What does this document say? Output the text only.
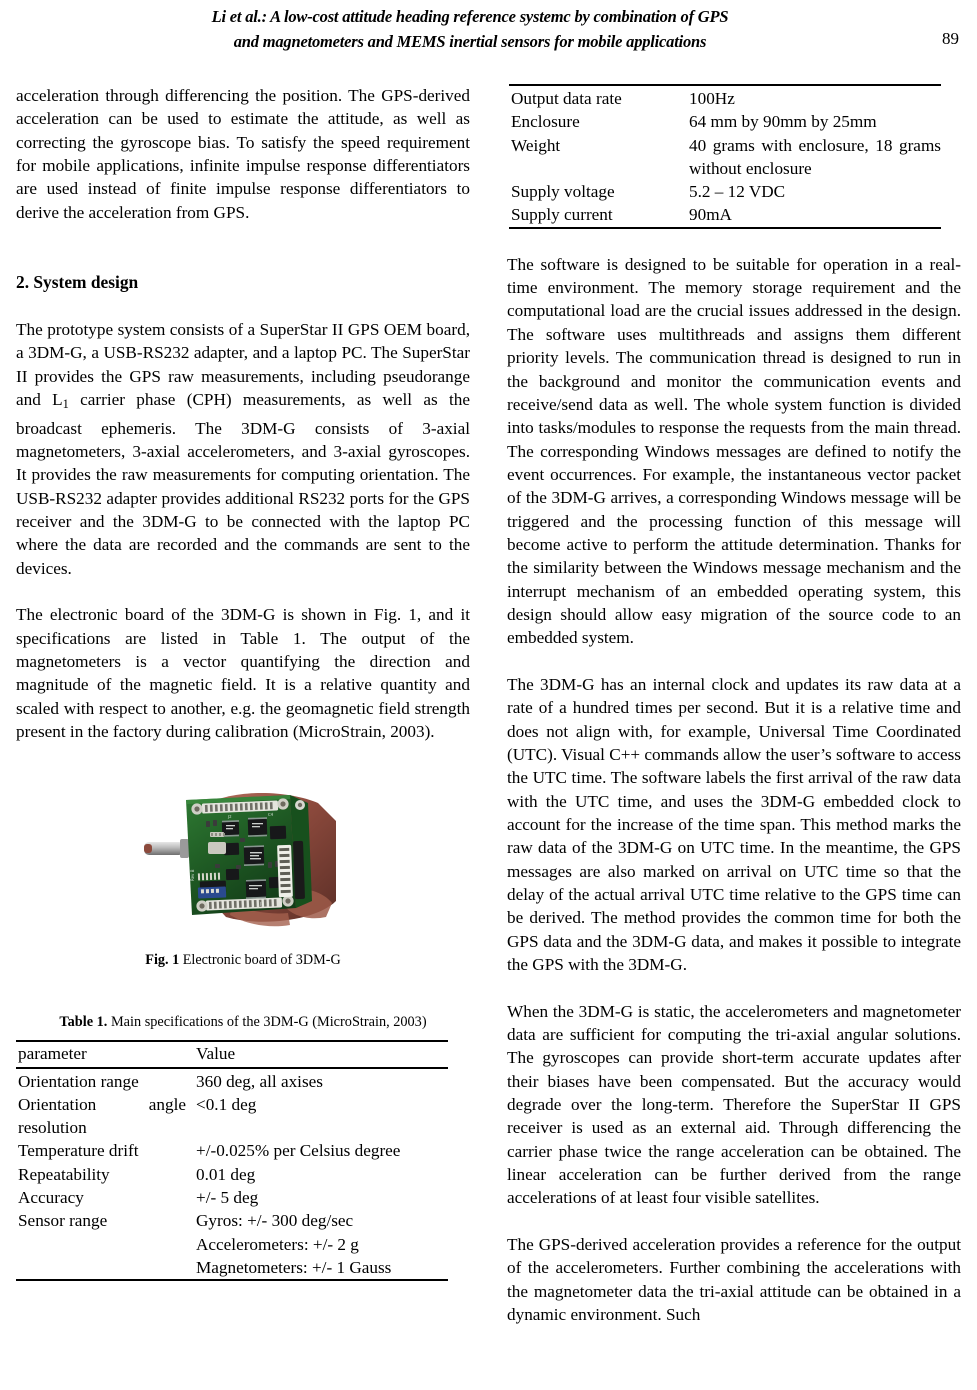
Li et al.: A low-cost attitude heading reference systemc by combination of GPS
and magnetometers and MEMS inertial sensors for mobile applications	89

acceleration through differencing the position. The GPS-derived acceleration can be used to estimate the attitude, as well as correcting the gyroscope bias. To satisfy the speed requirement for mobile applications, infinite impulse response differentiators are used instead of finite impulse response differentiators to derive the acceleration from GPS.

2. System design

The prototype system consists of a SuperStar II GPS OEM board, a 3DM-G, a USB-RS232 adapter, and a laptop PC. The SuperStar II provides the GPS raw measurements, including pseudorange and $L_1$ carrier phase (CPH) measurements, as well as the broadcast ephemeris. The 3DM-G consists of 3-axial magnetometers, 3-axial accelerometers, and 3-axial gyroscopes. It provides the raw measurements for computing orientation. The USB-RS232 adapter provides additional RS232 ports for the GPS receiver and the 3DM-G to be connected with the laptop PC where the data are recorded and the commands are sent to the devices.

The electronic board of the 3DM-G is shown in Fig. 1, and it specifications are listed in Table 1. The output of the magnetometers is a vector quantifying the direction and magnitude of the magnetic field. It is a relative quantity and scaled with respect to another, e.g. the geomagnetic field strength present in the factory during calibration (MicroStrain, 2003).

J2	C4
J1
Rev B
Fig. 1 Electronic board of 3DM-G
Table 1. Main specifications of the 3DM-G (MicroStrain, 2003)
parameter	Value
Orientation range	360 deg, all axises
Orientation angle resolution	<0.1 deg
Temperature drift	+/-0.025% per Celsius degree
Repeatability	0.01 deg
Accuracy	+/- 5 deg
Sensor range	Gyros: +/- 300 deg/sec Accelerometers: +/- 2 g Magnetometers: +/- 1 Gauss
Output data rate	100Hz
Enclosure	64 mm by 90mm by 25mm
Weight	40 grams with enclosure, 18 grams without enclosure
Supply voltage	5.2 – 12 VDC
Supply current	90mA

The software is designed to be suitable for operation in a real-time environment. The memory storage requirement and the computational load are the crucial issues addressed in the design. The software uses multithreads and assigns them different priority levels. The communication thread is designed to run in the background and monitor the communication events and receive/send data as well. The whole system function is divided into tasks/modules to response the requests from the main thread. The corresponding Windows messages are defined to notify the event occurrences. For example, the instantaneous vector packet of the 3DM-G arrives, a corresponding Windows message will be triggered and the processing function of this message will become active to perform the attitude determination. Thanks for the similarity between the Windows message mechanism and the interrupt mechanism of an embedded operating system, this design should allow easy migration of the source code to an embedded system.

The 3DM-G has an internal clock and updates its raw data at a rate of a hundred times per second. But it is a relative time and does not align with, for example, Universal Time Coordinated (UTC). Visual C++ commands allow the user’s software to access the UTC time. The software labels the first arrival of the raw data with the UTC time, and uses the 3DM-G embedded clock to account for the increase of the time span. This method marks the raw data of the 3DM-G on UTC time. In the meantime, the GPS messages are also marked on arrival on UTC time so that the delay of the actual arrival UTC time relative to the GPS time can be derived. The method provides the common time for both the GPS data and the 3DM-G data, and makes it possible to integrate the GPS with the 3DM-G.

When the 3DM-G is static, the accelerometers and magnetometer data are sufficient for computing the tri-axial angular solutions. The gyroscopes can provide short-term accurate updates after their biases have been compensated. But the accuracy would degrade over the long-term. Therefore the SuperStar II GPS receiver is used as an external aid. Through differencing the carrier phase twice the range acceleration can be obtained. The linear acceleration can be further derived from the range accelerations of at least four visible satellites.

The GPS-derived acceleration provides a reference for the output of the accelerometers. Further combining the accelerations with the magnetometer data the tri-axial attitude can be obtained in a dynamic environment. Such
